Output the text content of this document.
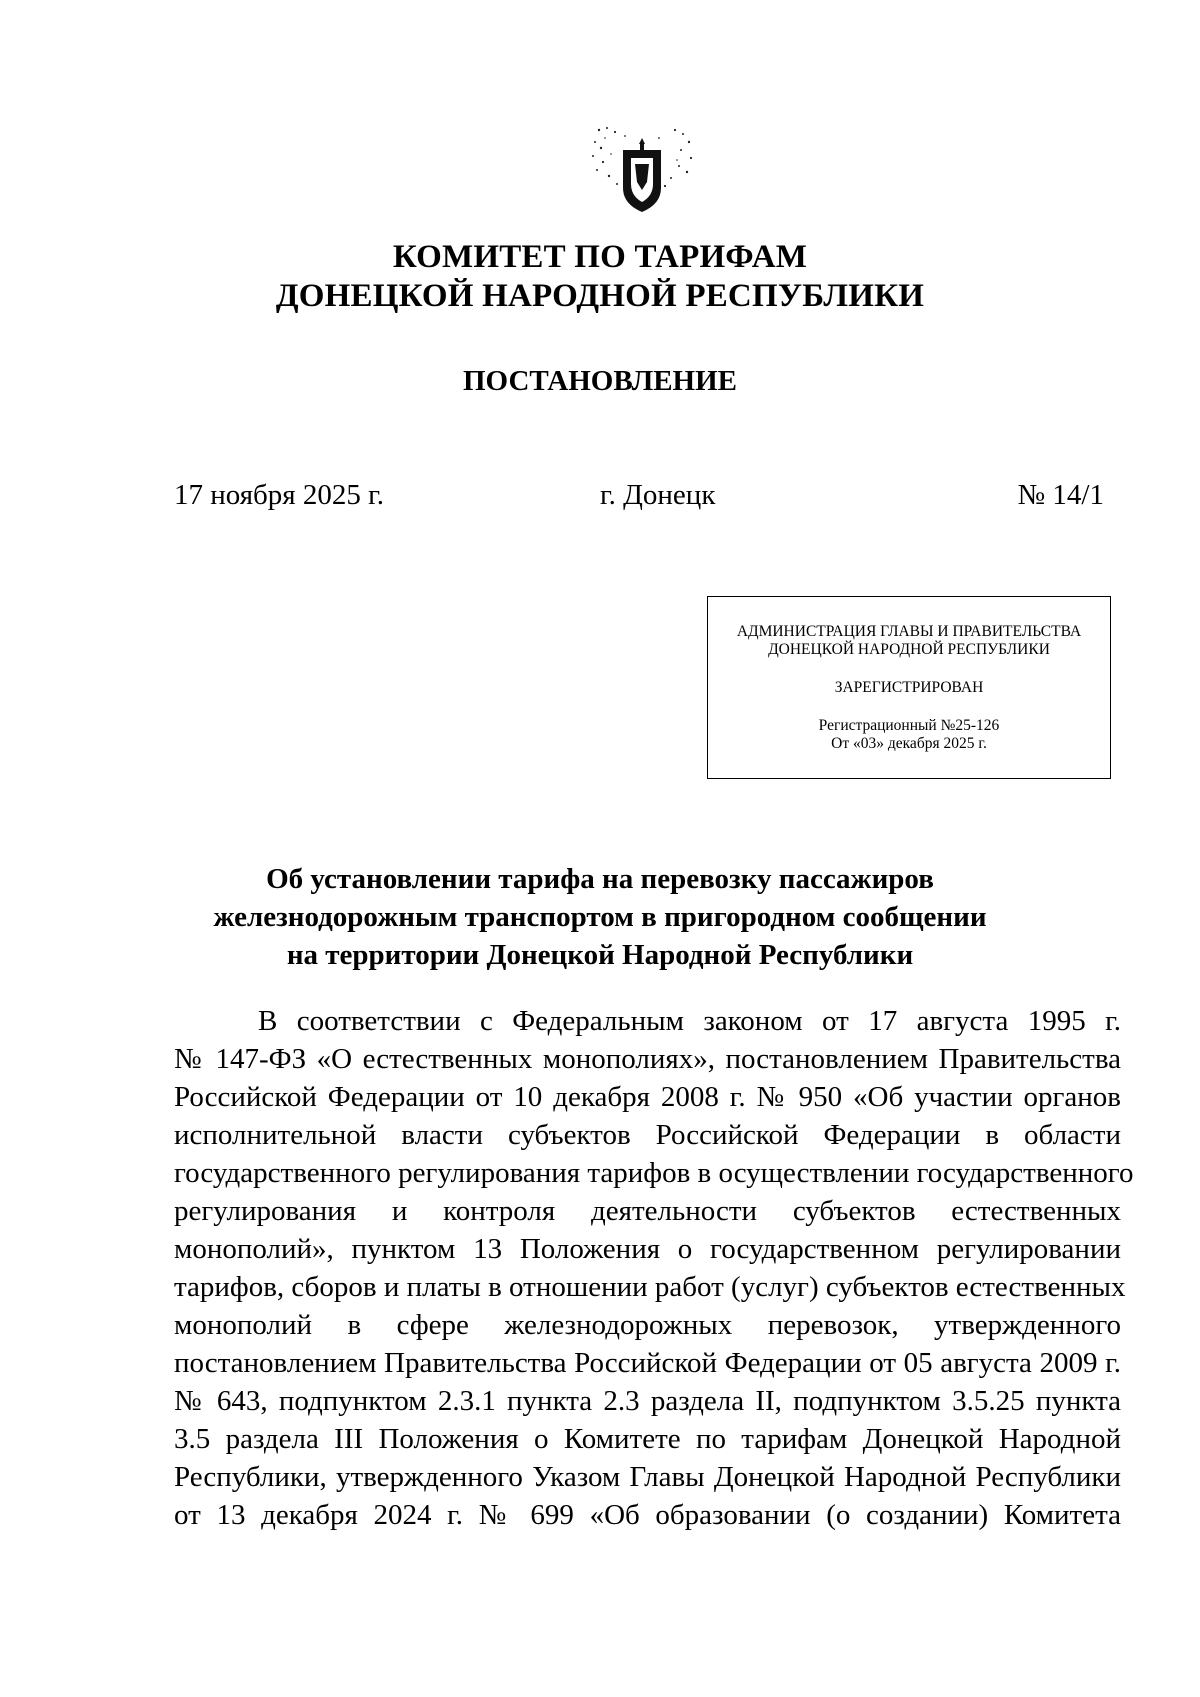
КОМИТЕТ ПО ТАРИФАМ
ДОНЕЦКОЙ НАРОДНОЙ РЕСПУБЛИКИ
ПОСТАНОВЛЕНИЕ
17 ноября 2025 г.	г. Донецк	№ 14/1
АДМИНИСТРАЦИЯ ГЛАВЫ И ПРАВИТЕЛЬСТВА
ДОНЕЦКОЙ НАРОДНОЙ РЕСПУБЛИКИ
ЗАРЕГИСТРИРОВАН
Регистрационный №25-126
От «03» декабря 2025 г.
Об установлении тарифа на перевозку пассажиров
железнодорожным транспортом в пригородном сообщении
на территории Донецкой Народной Республики
В соответствии с Федеральным законом от 17 августа 1995 г.
№ 147-ФЗ «О естественных монополиях», постановлением Правительства
Российской Федерации от 10 декабря 2008 г. № 950 «Об участии органов
исполнительной власти субъектов Российской Федерации в области
государственного регулирования тарифов в осуществлении государственного
регулирования и контроля деятельности субъектов естественных
монополий», пунктом 13 Положения о государственном регулировании
тарифов, сборов и платы в отношении работ (услуг) субъектов естественных
монополий в сфере железнодорожных перевозок, утвержденного
постановлением Правительства Российской Федерации от 05 августа 2009 г.
№ 643, подпунктом 2.3.1 пункта 2.3 раздела II, подпунктом 3.5.25 пункта
3.5 раздела III Положения о Комитете по тарифам Донецкой Народной
Республики, утвержденного Указом Главы Донецкой Народной Республики
от 13 декабря 2024 г. № 699 «Об образовании (о создании) Комитета
